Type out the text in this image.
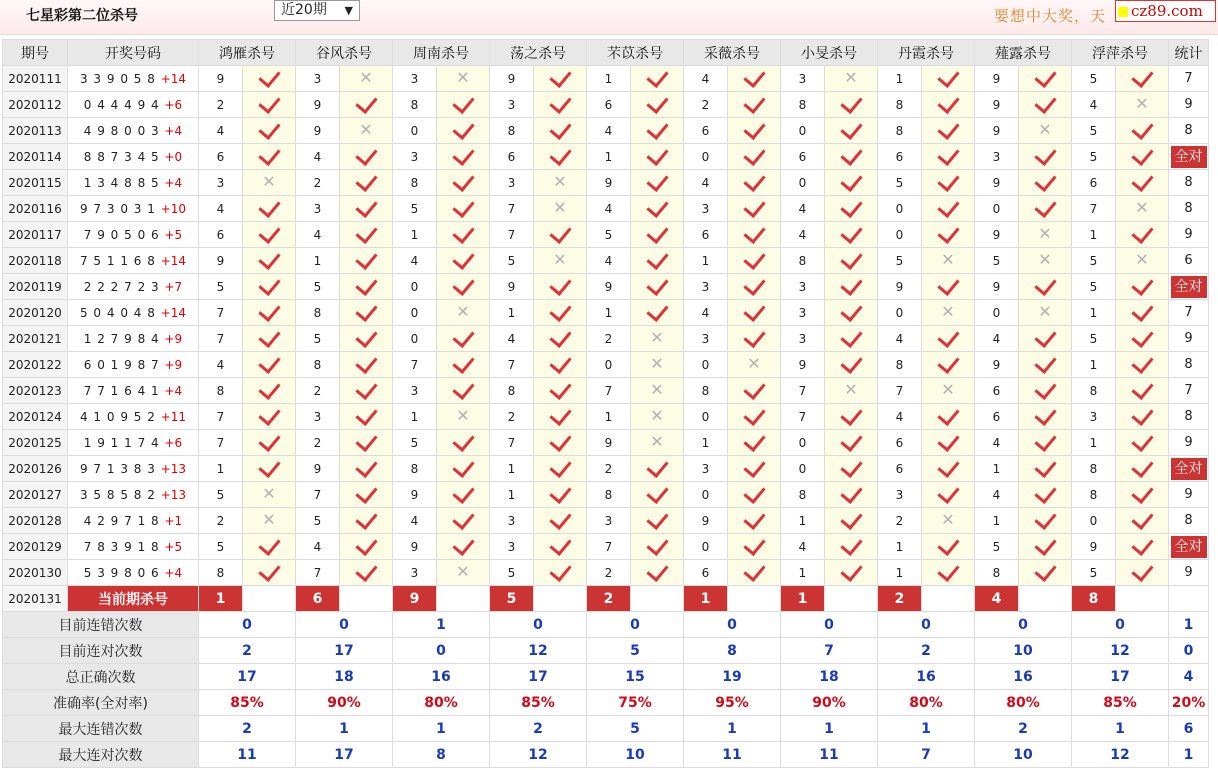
七星彩第二位杀号	近20期 ▼	要想中大奖，天	cz89.com
期号	开奖号码	鸿雁杀号		谷风杀号		周南杀号		荡之杀号		芣苡杀号		采薇杀号		小旻杀号		丹霞杀号		薤露杀号		浮萍杀号		统计
2020111	3 3 9 0 5 8 +14	9		3	✕	3	✕	9		1		4		3	✕	1		9		5		7
2020112	0 4 4 4 9 4 +6	2		9		8		3		6		2		8		8		9		4	✕	9
2020113	4 9 8 0 0 3 +4	4		9	✕	0		8		4		6		0		8		9	✕	5		8
2020114	8 8 7 3 4 5 +0	6		4		3		6		1		0		6		6		3		5		全对
2020115	1 3 4 8 8 5 +4	3	✕	2		8		3	✕	9		4		0		5		9		6		8
2020116	9 7 3 0 3 1 +10	4		3		5		7	✕	4		3		4		0		0		7	✕	8
2020117	7 9 0 5 0 6 +5	6		4		1		7		5		6		4		0		9	✕	1		9
2020118	7 5 1 1 6 8 +14	9		1		4		5	✕	4		1		8		5	✕	5	✕	5	✕	6
2020119	2 2 2 7 2 3 +7	5		5		0		9		9		3		3		9		9		5		全对
2020120	5 0 4 0 4 8 +14	7		8		0	✕	1		1		4		3		0	✕	0	✕	1		7
2020121	1 2 7 9 8 4 +9	7		5		0		4		2	✕	3		3		4		4		5		9
2020122	6 0 1 9 8 7 +9	4		8		7		7		0	✕	0	✕	9		8		9		1		8
2020123	7 7 1 6 4 1 +4	8		2		3		8		7	✕	8		7	✕	7	✕	6		8		7
2020124	4 1 0 9 5 2 +11	7		3		1	✕	2		1	✕	0		7		4		6		3		8
2020125	1 9 1 1 7 4 +6	7		2		5		7		9	✕	1		0		6		4		1		9
2020126	9 7 1 3 8 3 +13	1		9		8		1		2		3		0		6		1		8		全对
2020127	3 5 8 5 8 2 +13	5	✕	7		9		1		8		0		8		3		4		8		9
2020128	4 2 9 7 1 8 +1	2	✕	5		4		3		3		9		1		2	✕	1		0		8
2020129	7 8 3 9 1 8 +5	5		4		9		3		7		0		4		1		5		9		全对
2020130	5 3 9 8 0 6 +4	8		7		3	✕	5		2		6		1		1		8		5		9
2020131	当前期杀号	1		6		9		5		2		1		1		2		4		8		
目前连错次数		0		0		1		0		0		0		0		0		0		0		1
目前连对次数		2		17		0		12		5		8		7		2		10		12		0
总正确次数		17		18		16		17		15		19		18		16		16		17		4
准确率(全对率)		85%		90%		80%		85%		75%		95%		90%		80%		80%		85%		20%
最大连错次数		2		1		1		2		5		1		1		1		2		1		6
最大连对次数		11		17		8		12		10		11		11		7		10		12		1
